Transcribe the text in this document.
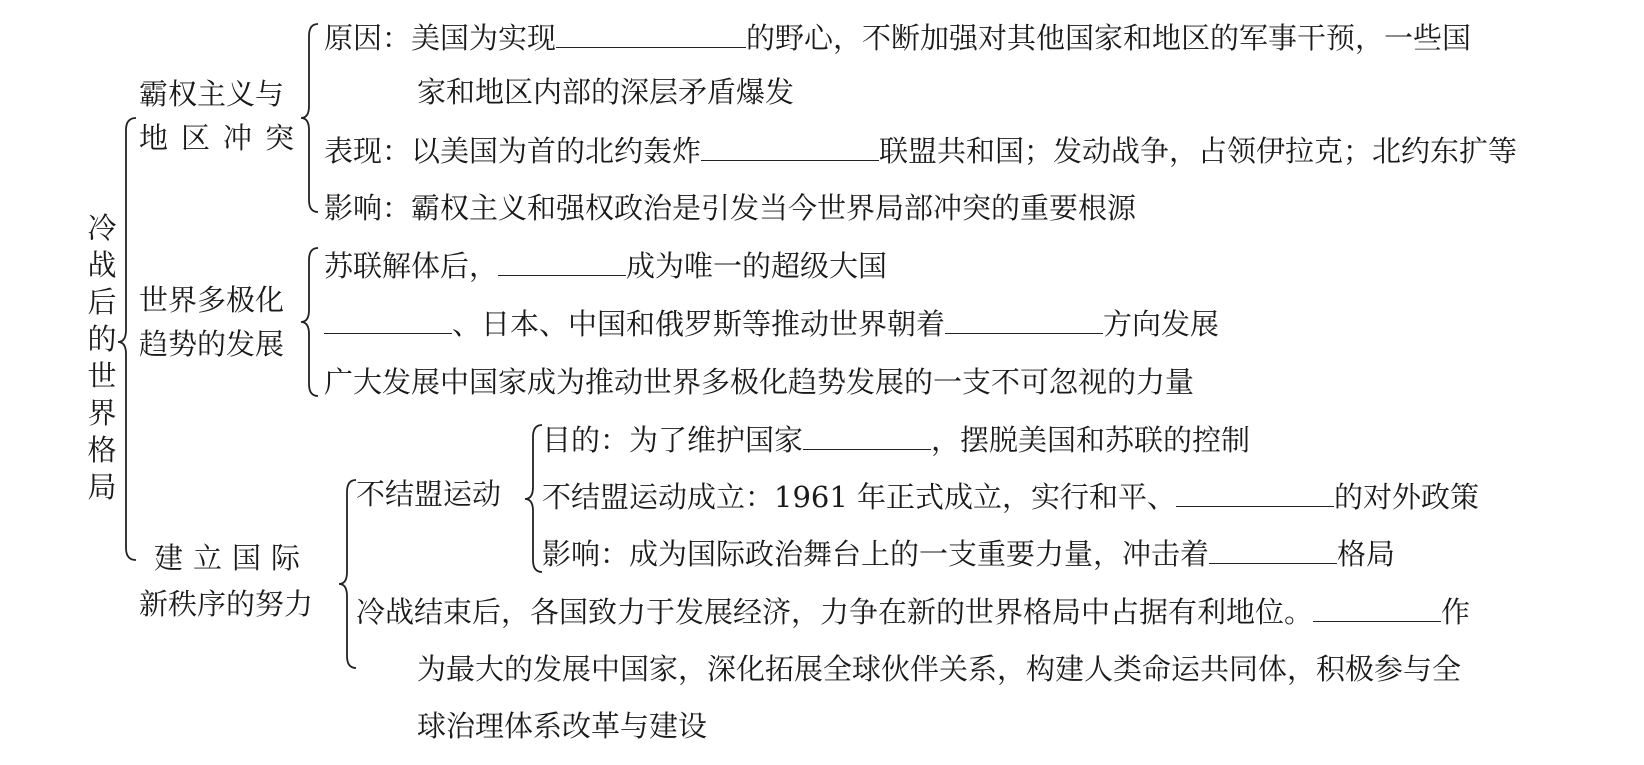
冷
战
后
的
世
界
格
局
霸权主义与
地区冲突
原因：美国为实现	的野心，不断加强对其他国家和地区的军事干预，一些国
家和地区内部的深层矛盾爆发
表现：以美国为首的北约轰炸	联盟共和国；发动战争，占领伊拉克；北约东扩等
影响：霸权主义和强权政治是引发当今世界局部冲突的重要根源
世界多极化
趋势的发展
苏联解体后，	成为唯一的超级大国
、日本、中国和俄罗斯等推动世界朝着	方向发展
广大发展中国家成为推动世界多极化趋势发展的一支不可忽视的力量
建立国际
新秩序的努力
不结盟运动
目的：为了维护国家	，摆脱美国和苏联的控制
不结盟运动成立：1961 年正式成立，实行和平、	的对外政策
影响：成为国际政治舞台上的一支重要力量，冲击着	格局
冷战结束后，各国致力于发展经济，力争在新的世界格局中占据有利地位。	作
为最大的发展中国家，深化拓展全球伙伴关系，构建人类命运共同体，积极参与全
球治理体系改革与建设
